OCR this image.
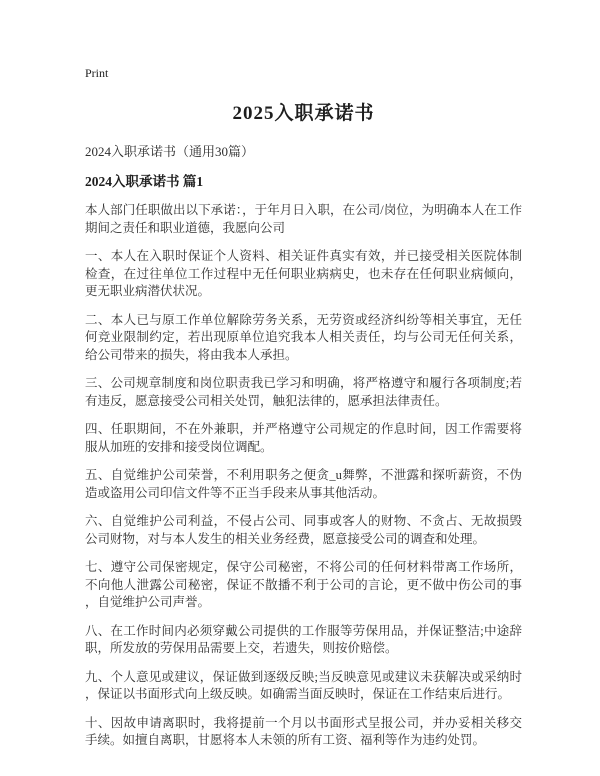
Print
2025入职承诺书

2024入职承诺书（通用30篇）

2024入职承诺书 篇1

本人部门任职做出以下承诺：，于年月日入职，在公司/岗位，为明确本人在工作期间之责任和职业道德，我愿向公司

一、本人在入职时保证个人资料、相关证件真实有效，并已接受相关医院体制检查，在过往单位工作过程中无任何职业病病史，也未存在任何职业病倾向，更无职业病潜伏状况。

二、本人已与原工作单位解除劳务关系，无劳资或经济纠纷等相关事宜，无任何竞业限制约定，若出现原单位追究我本人相关责任，均与公司无任何关系，给公司带来的损失，将由我本人承担。

三、公司规章制度和岗位职责我已学习和明确，将严格遵守和履行各项制度;若有违反，愿意接受公司相关处罚，触犯法律的，愿承担法律责任。

四、任职期间，不在外兼职，并严格遵守公司规定的作息时间，因工作需要将服从加班的安排和接受岗位调配。

五、自觉维护公司荣誉，不利用职务之便贪_u舞弊，不泄露和探听薪资，不伪造或盗用公司印信文件等不正当手段来从事其他活动。

六、自觉维护公司利益，不侵占公司、同事或客人的财物、不贪占、无故损毁公司财物，对与本人发生的相关业务经费，愿意接受公司的调查和处理。

七、遵守公司保密规定，保守公司秘密，不将公司的任何材料带离工作场所，不向他人泄露公司秘密，保证不散播不利于公司的言论，更不做中伤公司的事，自觉维护公司声誉。

八、在工作时间内必须穿戴公司提供的工作服等劳保用品，并保证整洁;中途辞职，所发放的劳保用品需要上交，若遗失，则按价赔偿。

九、个人意见或建议，保证做到逐级反映;当反映意见或建议未获解决或采纳时，保证以书面形式向上级反映。如确需当面反映时，保证在工作结束后进行。

十、因故申请离职时，我将提前一个月以书面形式呈报公司，并办妥相关移交手续。如擅自离职，甘愿将本人未领的所有工资、福利等作为违约处罚。
